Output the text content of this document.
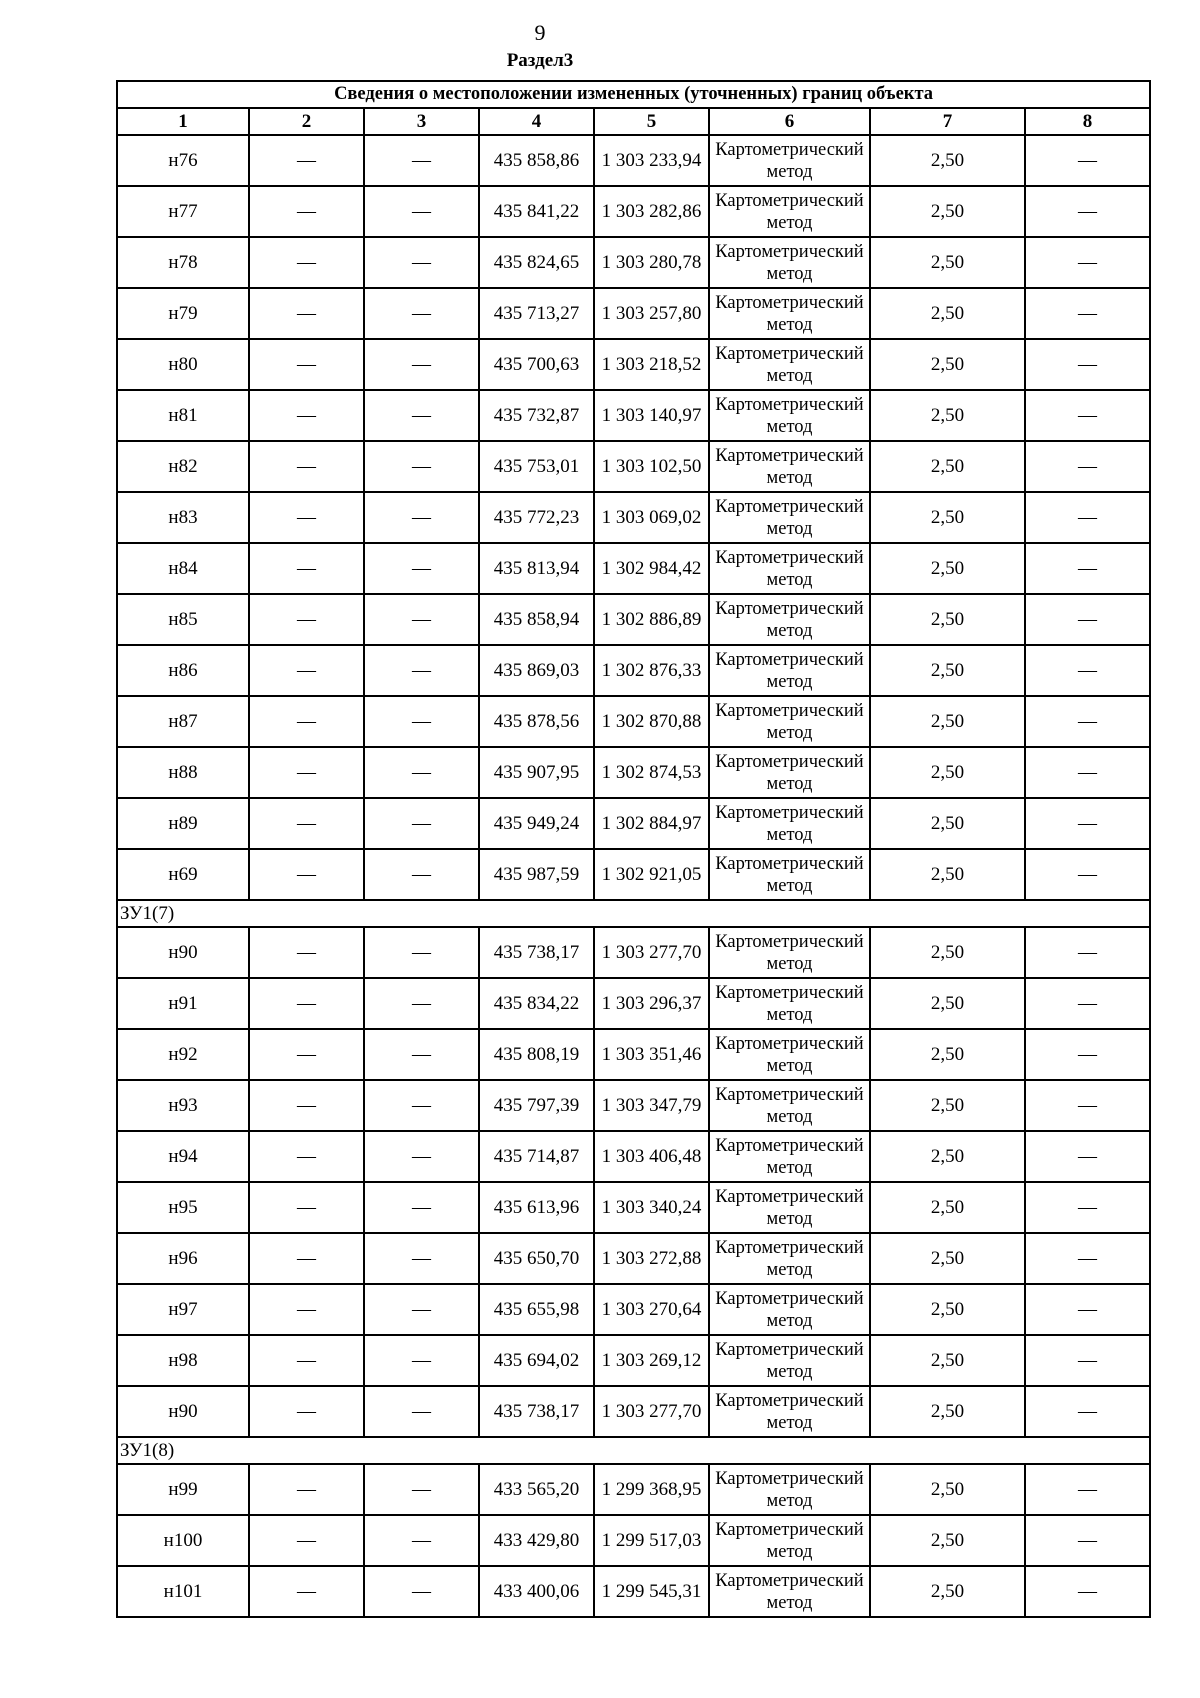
9
Раздел3
Сведения о местоположении измененных (уточненных) границ объекта							
1	2	3	4	5	6	7	8
н76	—	—	435 858,86	1 303 233,94	Картометрический метод	2,50	—
н77	—	—	435 841,22	1 303 282,86	Картометрический метод	2,50	—
н78	—	—	435 824,65	1 303 280,78	Картометрический метод	2,50	—
н79	—	—	435 713,27	1 303 257,80	Картометрический метод	2,50	—
н80	—	—	435 700,63	1 303 218,52	Картометрический метод	2,50	—
н81	—	—	435 732,87	1 303 140,97	Картометрический метод	2,50	—
н82	—	—	435 753,01	1 303 102,50	Картометрический метод	2,50	—
н83	—	—	435 772,23	1 303 069,02	Картометрический метод	2,50	—
н84	—	—	435 813,94	1 302 984,42	Картометрический метод	2,50	—
н85	—	—	435 858,94	1 302 886,89	Картометрический метод	2,50	—
н86	—	—	435 869,03	1 302 876,33	Картометрический метод	2,50	—
н87	—	—	435 878,56	1 302 870,88	Картометрический метод	2,50	—
н88	—	—	435 907,95	1 302 874,53	Картометрический метод	2,50	—
н89	—	—	435 949,24	1 302 884,97	Картометрический метод	2,50	—
н69	—	—	435 987,59	1 302 921,05	Картометрический метод	2,50	—
ЗУ1(7)							
н90	—	—	435 738,17	1 303 277,70	Картометрический метод	2,50	—
н91	—	—	435 834,22	1 303 296,37	Картометрический метод	2,50	—
н92	—	—	435 808,19	1 303 351,46	Картометрический метод	2,50	—
н93	—	—	435 797,39	1 303 347,79	Картометрический метод	2,50	—
н94	—	—	435 714,87	1 303 406,48	Картометрический метод	2,50	—
н95	—	—	435 613,96	1 303 340,24	Картометрический метод	2,50	—
н96	—	—	435 650,70	1 303 272,88	Картометрический метод	2,50	—
н97	—	—	435 655,98	1 303 270,64	Картометрический метод	2,50	—
н98	—	—	435 694,02	1 303 269,12	Картометрический метод	2,50	—
н90	—	—	435 738,17	1 303 277,70	Картометрический метод	2,50	—
ЗУ1(8)							
н99	—	—	433 565,20	1 299 368,95	Картометрический метод	2,50	—
н100	—	—	433 429,80	1 299 517,03	Картометрический метод	2,50	—
н101	—	—	433 400,06	1 299 545,31	Картометрический метод	2,50	—
